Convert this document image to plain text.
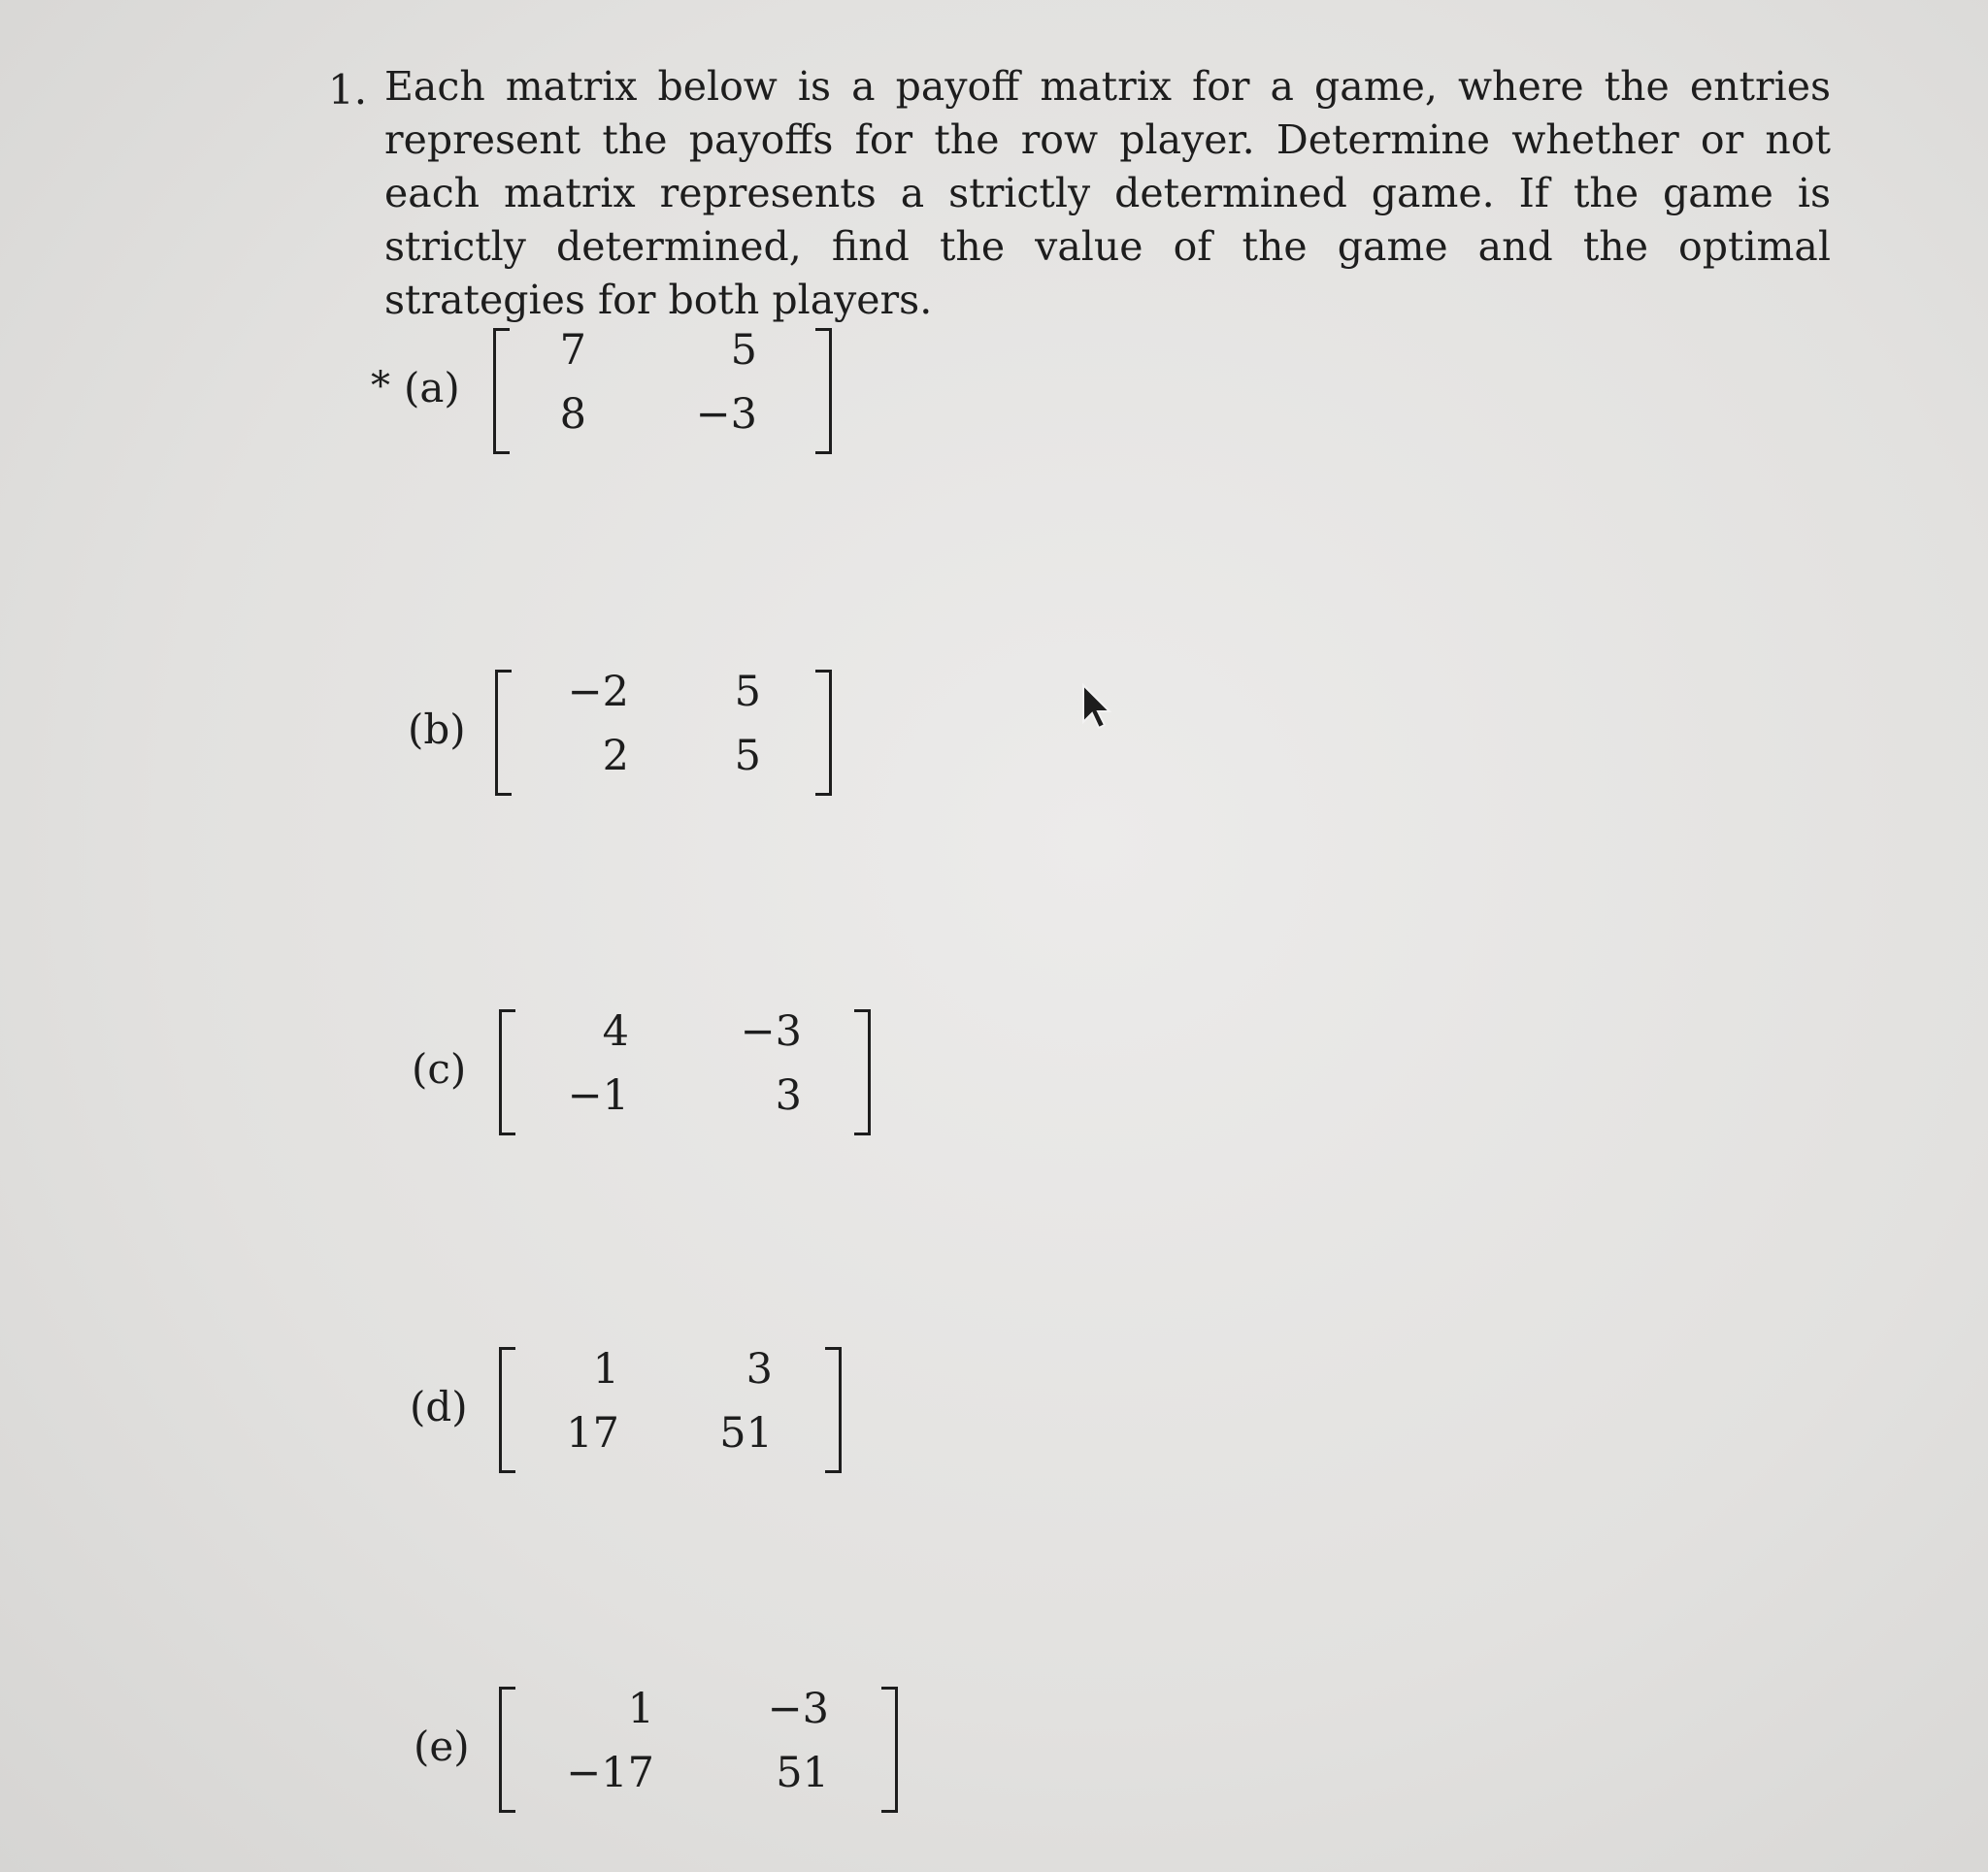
1. Each matrix below is a payoff matrix for a game, where the entries represent the payoffs for the row player. Determine whether or not each matrix represents a strictly determined game. If the game is strictly determined, find the value of the game and the optimal strategies for both players.
* (a)
7	5
8	−3
(b)
−2	5
2	5
(c)
4	−3
−1	3
(d)
1	3
17	51
(e)
1	−3
−17	51
